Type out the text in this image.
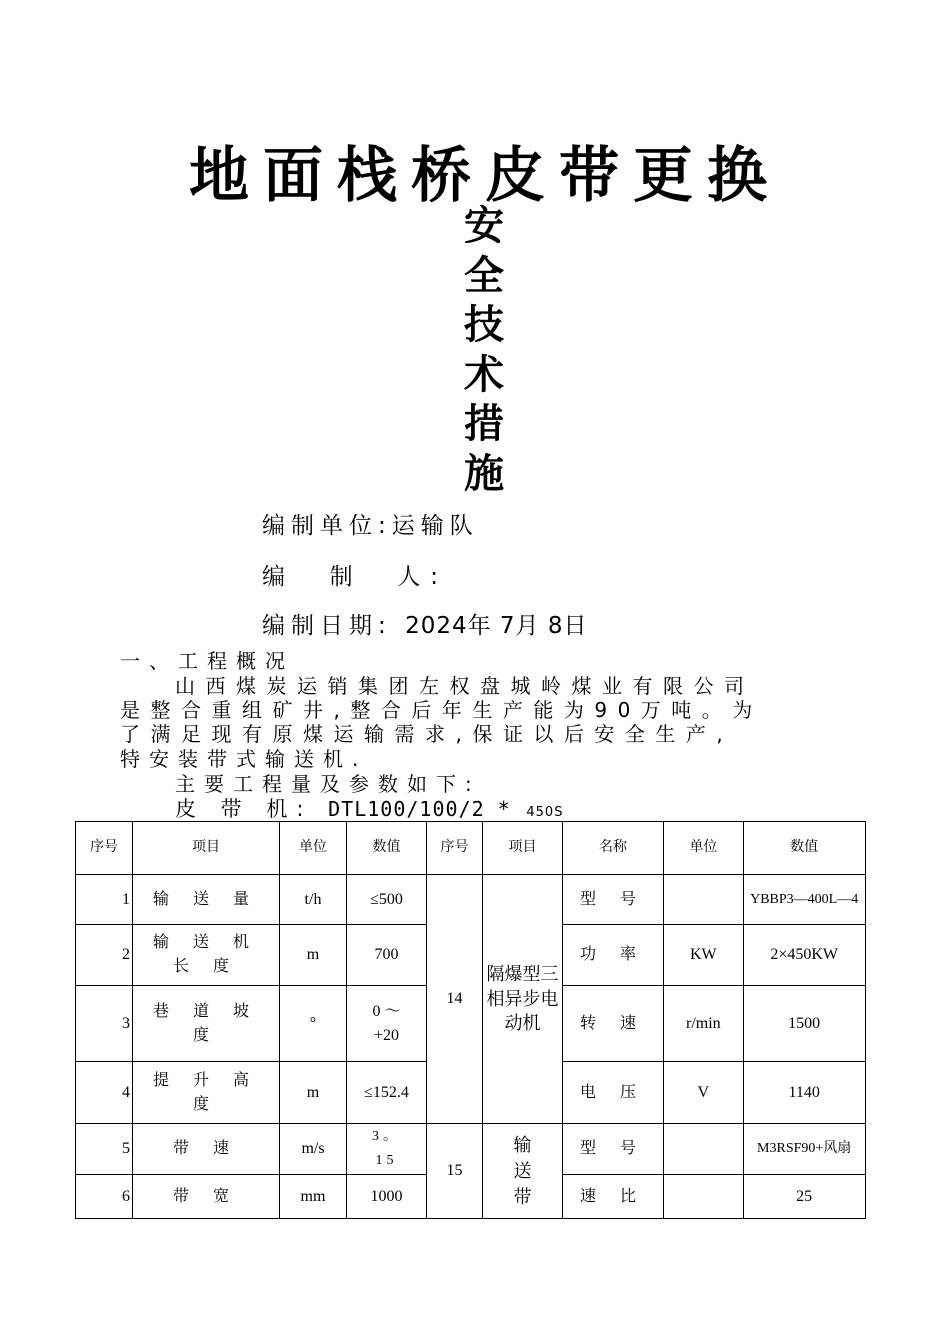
地面栈桥皮带更换
安
全
技
术
措
施
编制单位:运输队
编  制  人:
编制日期: 2024年 7月 8日
一、工程概况
山西煤炭运销集团左权盘城岭煤业有限公司
是整合重组矿井,整合后年生产能为90万吨。为
了满足现有原煤运输需求,保证以后安全生产,
特安装带式输送机.
主要工程量及参数如下:
皮 带 机: DTL100/100/2 * 450S
序号	项目	单位	数值	序号	项目	名称	单位	数值
1	输 送 量	t/h	≤500	14	隔爆型三相异步电动机	型 号		YBBP3—400L—4
2	输 送 机 长 度	m	700			功 率	KW	2×450KW
3	巷 道 坡 度	°	0 ～ +20			转 速	r/min	1500
4	提 升 高 度	m	≤152.4			电 压	V	1140
5	带 速	m/s	3。15	15	输送带	型 号		M3RSF90+风扇
6	带 宽	mm	1000			速 比		25
